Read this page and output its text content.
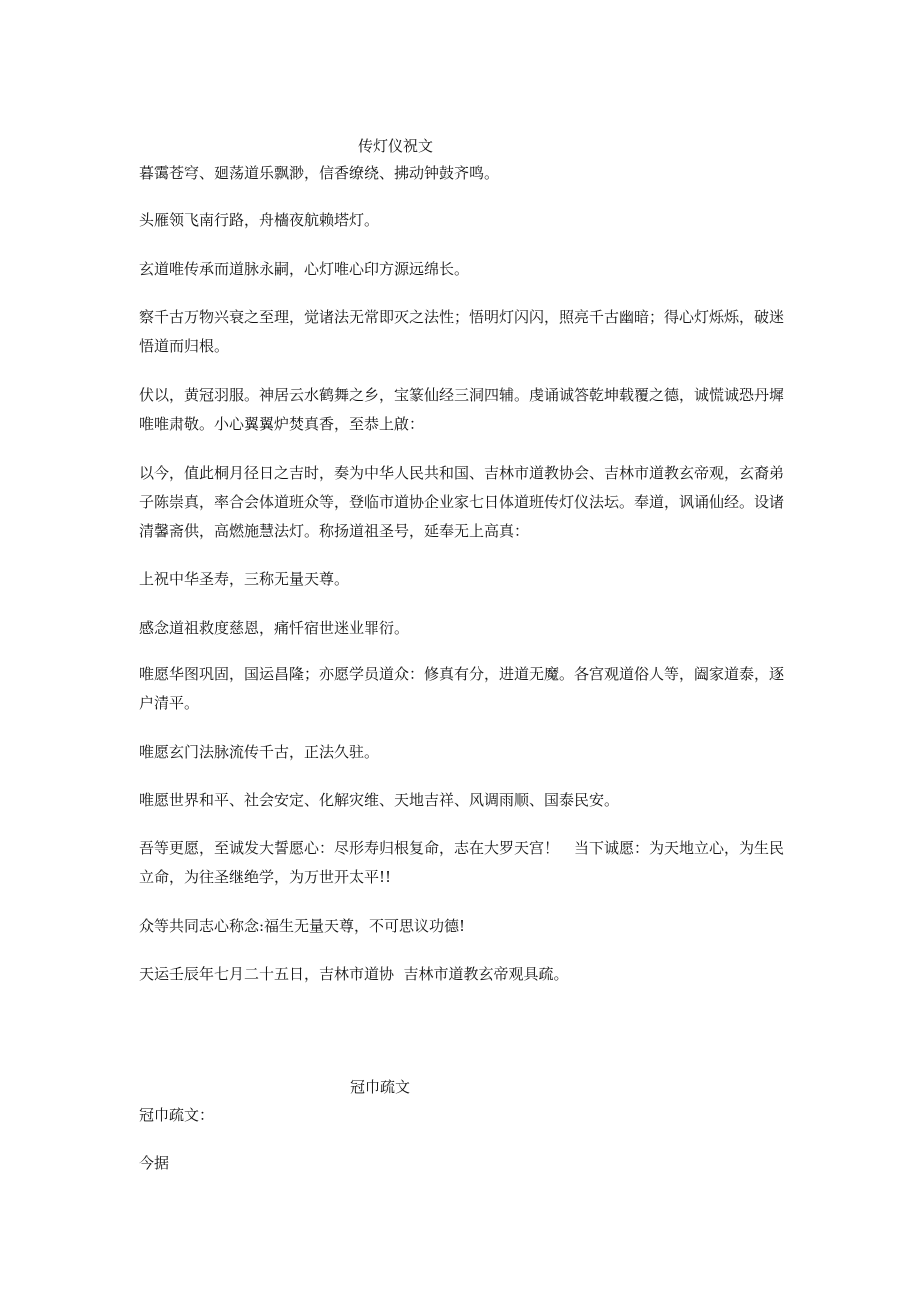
传灯仪祝文
暮霭苍穹、廻荡道乐飘渺，信香缭绕、拂动钟鼓齐鸣。
头雁领飞南行路，舟檣夜航赖塔灯。
玄道唯传承而道脉永嗣，心灯唯心印方源远绵长。
察千古万物兴衰之至理，觉诸法无常即灭之法性；悟明灯闪闪，照亮千古幽暗；得心灯烁烁，破迷悟道而归根。
伏以，黄冠羽服。神居云水鹤舞之乡，宝篆仙经三洞四辅。虔诵诚答乾坤载覆之德，诚慌诚恐丹墀唯唯肃敬。小心翼翼炉焚真香，至恭上啟：
以今，值此桐月径日之吉时，奏为中华人民共和国、吉林市道教协会、吉林市道教玄帝观，玄裔弟子陈崇真，率合会体道班众等，登临市道协企业家七日体道班传灯仪法坛。奉道，讽诵仙经。设诸清馨斋供，高燃施慧法灯。称扬道祖圣号，延奉无上高真：
上祝中华圣寿，三称无量天尊。
感念道祖救度慈恩，痛忏宿世迷业罪衍。
唯愿华图巩固，国运昌隆；亦愿学员道众：修真有分，进道无魔。各宫观道俗人等，阖家道泰，逐户清平。
唯愿玄门法脉流传千古，正法久驻。
唯愿世界和平、社会安定、化解灾维、天地吉祥、风调雨顺、国泰民安。
吾等更愿，至诚发大誓愿心：尽形寿归根复命，志在大罗天宫！　当下诚愿：为天地立心，为生民立命，为往圣继绝学，为万世开太平!!
众等共同志心称念:福生无量天尊，不可思议功德!
天运壬辰年七月二十五日，吉林市道协  吉林市道教玄帝观具疏。
冠巾疏文
冠巾疏文：
今据
